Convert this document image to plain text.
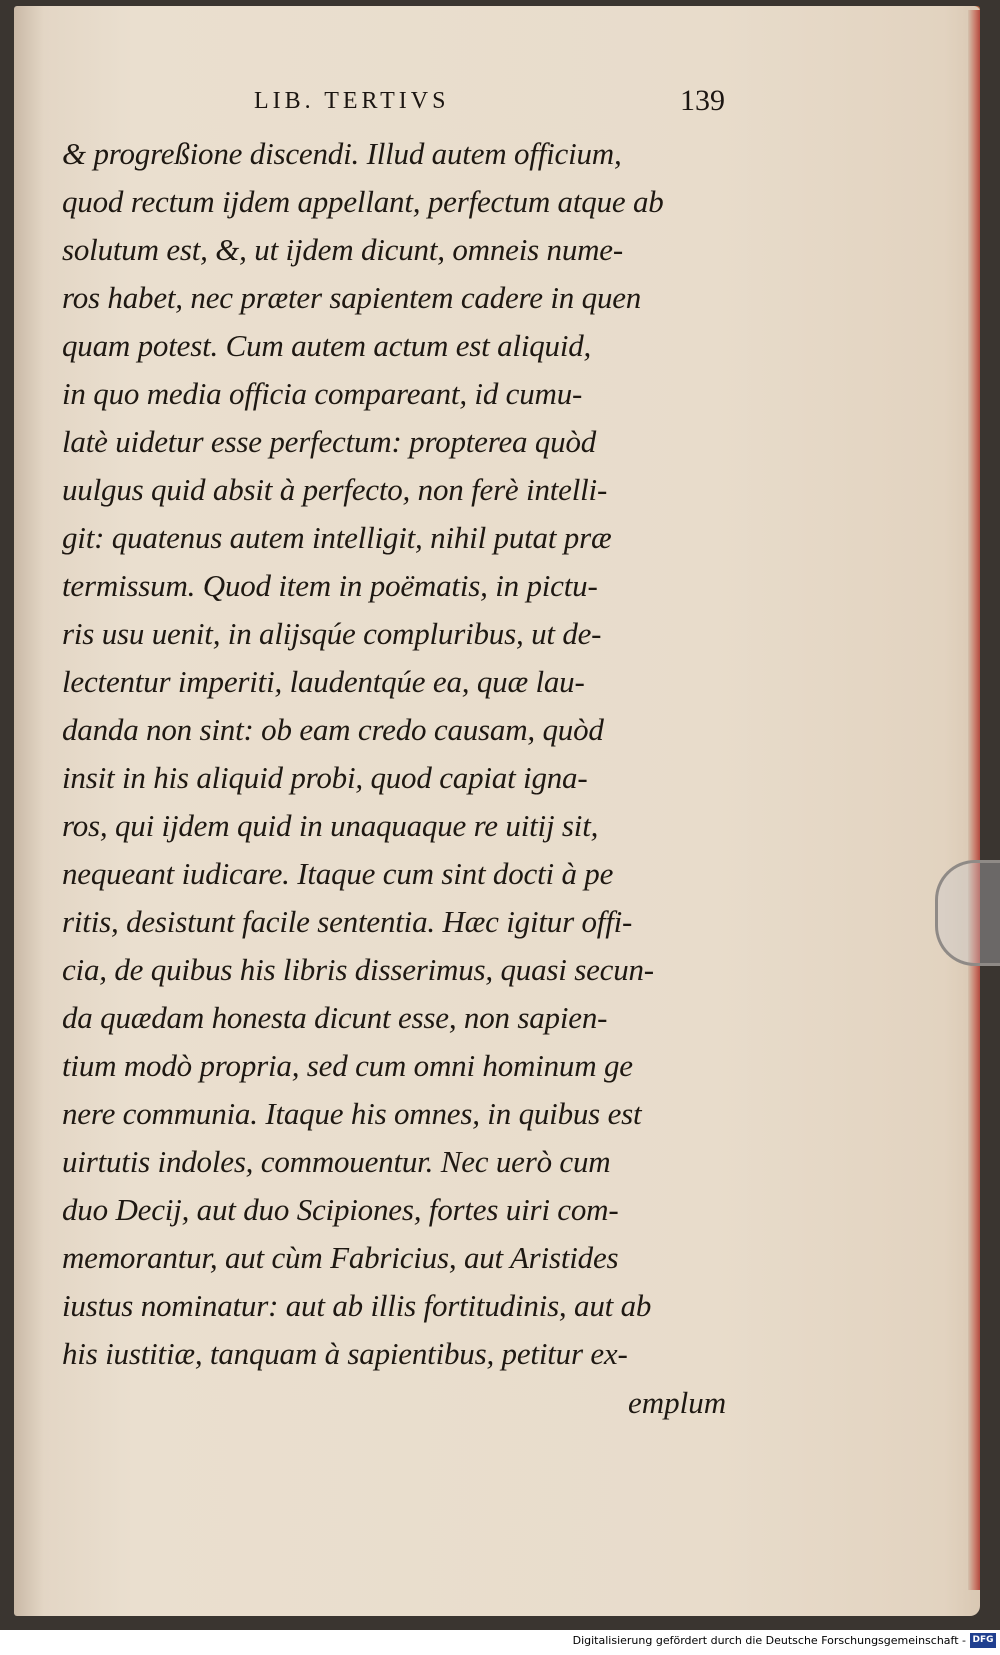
LIB. TERTIVS	139
& progreßione discendi. Illud autem officium,
quod rectum ijdem appellant, perfectum atque ab
solutum est, &, ut ijdem dicunt, omneis nume-
ros habet, nec præter sapientem cadere in quen
quam potest. Cum autem actum est aliquid,
in quo media officia compareant, id cumu-
latè uidetur esse perfectum: propterea quòd
uulgus quid absit à perfecto, non ferè intelli-
git: quatenus autem intelligit, nihil putat præ
termissum. Quod item in poëmatis, in pictu-
ris usu uenit, in alijsqúe compluribus, ut de-
lectentur imperiti, laudentqúe ea, quæ lau-
danda non sint: ob eam credo causam, quòd
insit in his aliquid probi, quod capiat igna-
ros, qui ijdem quid in unaquaque re uitij sit,
nequeant iudicare. Itaque cum sint docti à pe
ritis, desistunt facile sententia. Hæc igitur offi-
cia, de quibus his libris disserimus, quasi secun-
da quædam honesta dicunt esse, non sapien-
tium modò propria, sed cum omni hominum ge
nere communia. Itaque his omnes, in quibus est
uirtutis indoles, commouentur. Nec uerò cum
duo Decij, aut duo Scipiones, fortes uiri com-
memorantur, aut cùm Fabricius, aut Aristides
iustus nominatur: aut ab illis fortitudinis, aut ab
his iustitiæ, tanquam à sapientibus, petitur ex-
emplum
Digitalisierung gefördert durch die Deutsche Forschungsgemeinschaft - DFG
